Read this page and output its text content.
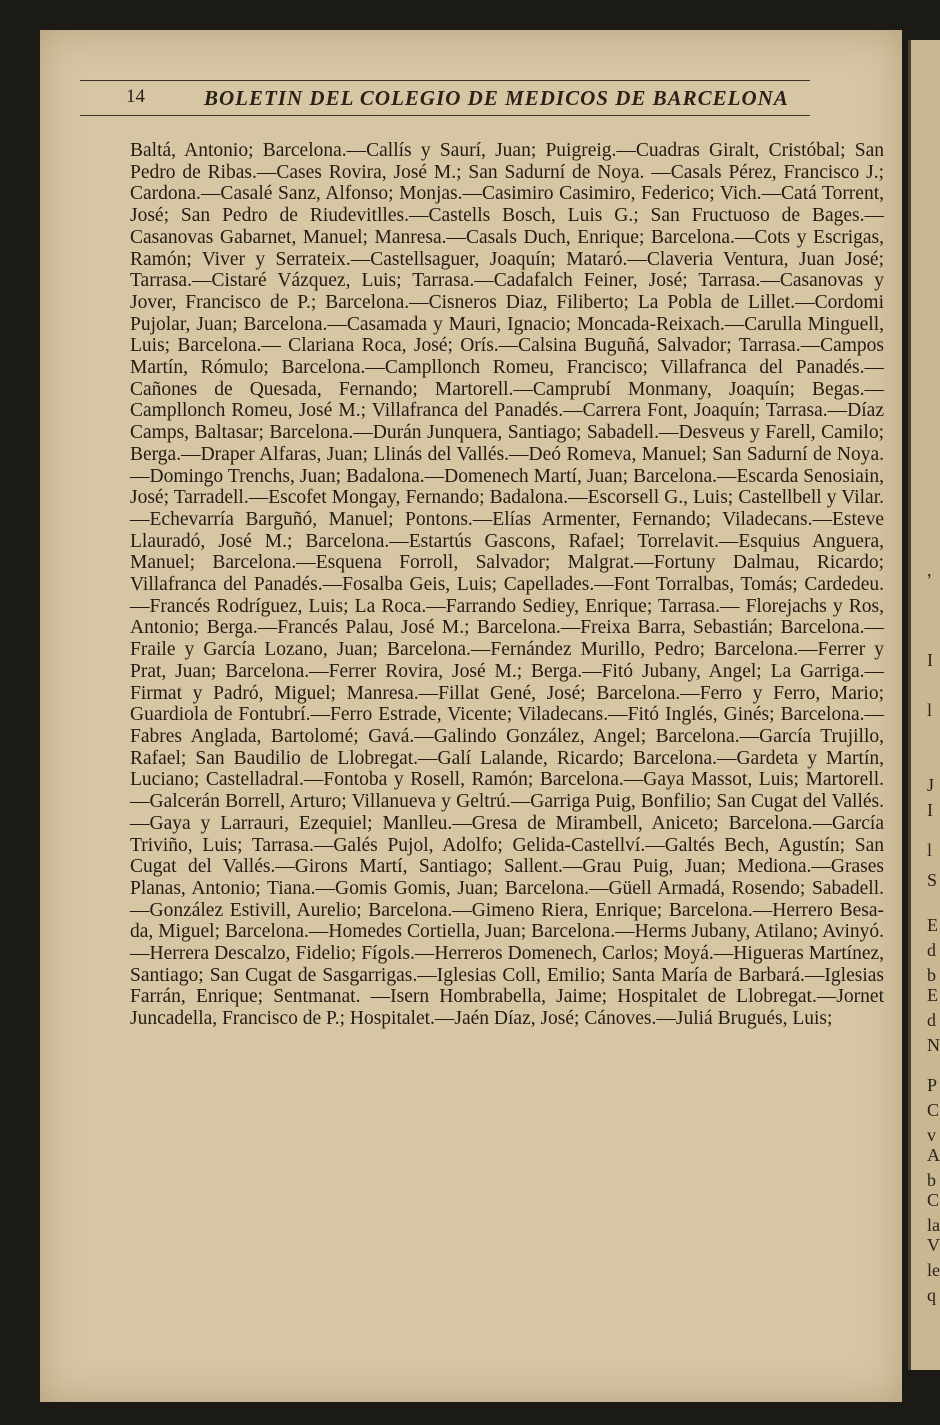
,
I
l
J
I
l
S
E
d
b
E
d
N
P
C
v
A
b
C
la
V
le
q
14	BOLETIN DEL COLEGIO DE MEDICOS DE BARCELONA

Baltá, Antonio; Barcelona.—Callís y Saurí, Juan; Puigreig.—Cuadras Giralt, Cristóbal; San Pedro de Ribas.—Cases Rovira, José M.; San Sadurní de Noya. —Casals Pérez, Francisco J.; Cardona.—Casalé Sanz, Alfonso; Monjas.—Casimiro Casimiro, Federico; Vich.—Catá Torrent, José; San Pedro de Riudevitlles.—Castells Bosch, Luis G.; San Fructuoso de Bages.—Casanovas Gabarnet, Manuel; Manresa.—Casals Duch, Enrique; Barcelona.—Cots y Escrigas, Ramón; Viver y Serrateix.—Castellsaguer, Joaquín; Mataró.—Claveria Ventura, Juan José; Tarrasa.—Cistaré Vázquez, Luis; Tarrasa.—Cadafalch Feiner, José; Tarrasa.—Casanovas y Jover, Francisco de P.; Barcelona.—Cisneros Diaz, Filiberto; La Pobla de Lillet.—Cordomi Pujolar, Juan; Barcelona.—Casamada y Mauri, Ignacio; Moncada-Reixach.—Carulla Minguell, Luis; Barcelona.— Clariana Roca, José; Orís.—Calsina Buguñá, Salvador; Tarrasa.—Campos Martín, Rómulo; Barcelona.—Campllonch Romeu, Francisco; Villafranca del Panadés.—Cañones de Quesada, Fernando; Martorell.—Camprubí Monmany, Joaquín; Begas.—Campllonch Romeu, José M.; Villafranca del Panadés.—Carrera Font, Joaquín; Tarrasa.—Díaz Camps, Baltasar; Barcelona.—Durán Junquera, Santiago; Sabadell.—Desveus y Farell, Camilo; Berga.—Draper Alfaras, Juan; Llinás del Vallés.—Deó Romeva, Manuel; San Sadurní de Noya.—Domingo Trenchs, Juan; Badalona.—Domenech Martí, Juan; Barcelona.—Escarda Senosiain, José; Tarradell.—Escofet Mongay, Fernando; Badalona.—Escorsell G., Luis; Castellbell y Vilar.—Echevarría Barguñó, Manuel; Pontons.—Elías Armenter, Fernando; Viladecans.—Esteve Llauradó, José M.; Barcelona.—Estartús Gascons, Rafael; Torrelavit.—Esquius Anguera, Manuel; Barcelona.—Esquena Forroll, Salvador; Malgrat.—Fortuny Dalmau, Ricardo; Villafranca del Panadés.—Fosalba Geis, Luis; Capellades.—Font Torralbas, Tomás; Cardedeu. —Francés Rodríguez, Luis; La Roca.—Farrando Sediey, Enrique; Tarrasa.— Florejachs y Ros, Antonio; Berga.—Francés Palau, José M.; Barcelona.—Freixa Barra, Sebastián; Barcelona.—Fraile y García Lozano, Juan; Barcelona.—Fernández Murillo, Pedro; Barcelona.—Ferrer y Prat, Juan; Barcelona.—Ferrer Rovira, José M.; Berga.—Fitó Jubany, Angel; La Garriga.—Firmat y Padró, Miguel; Manresa.—Fillat Gené, José; Barcelona.—Ferro y Ferro, Mario; Guardiola de Fontubrí.—Ferro Estrade, Vicente; Viladecans.—Fitó Inglés, Ginés; Barcelona.—Fabres Anglada, Bartolomé; Gavá.—Galindo González, Angel; Barcelona.—García Trujillo, Rafael; San Baudilio de Llobregat.—Galí Lalande, Ricardo; Barcelona.—Gardeta y Martín, Luciano; Castelladral.—Fontoba y Rosell, Ramón; Barcelona.—Gaya Massot, Luis; Martorell.—Galcerán Borrell, Arturo; Villanueva y Geltrú.—Garriga Puig, Bonfilio; San Cugat del Vallés.—Gaya y Larrauri, Ezequiel; Manlleu.—Gresa de Mirambell, Aniceto; Barcelona.—García Triviño, Luis; Tarrasa.—Galés Pujol, Adolfo; Gelida-Castellví.—Galtés Bech, Agustín; San Cugat del Vallés.—Girons Martí, Santiago; Sallent.—Grau Puig, Juan; Mediona.—Grases Planas, Antonio; Tiana.—Gomis Gomis, Juan; Barcelona.—Güell Armadá, Rosendo; Sabadell.—González Estivill, Aurelio; Barcelona.—Gimeno Riera, Enrique; Barcelona.—Herrero Besada, Miguel; Barcelona.—Homedes Cortiella, Juan; Barcelona.—Herms Jubany, Atilano; Avinyó.—Herrera Descalzo, Fidelio; Fígols.—Herreros Domenech, Carlos; Moyá.—Higueras Martínez, Santiago; San Cugat de Sasgarrigas.—Iglesias Coll, Emilio; Santa María de Barbará.—Iglesias Farrán, Enrique; Sentmanat. —Isern Hombrabella, Jaime; Hospitalet de Llobregat.—Jornet Juncadella, Francisco de P.; Hospitalet.—Jaén Díaz, José; Cánoves.—Juliá Brugués, Luis;
